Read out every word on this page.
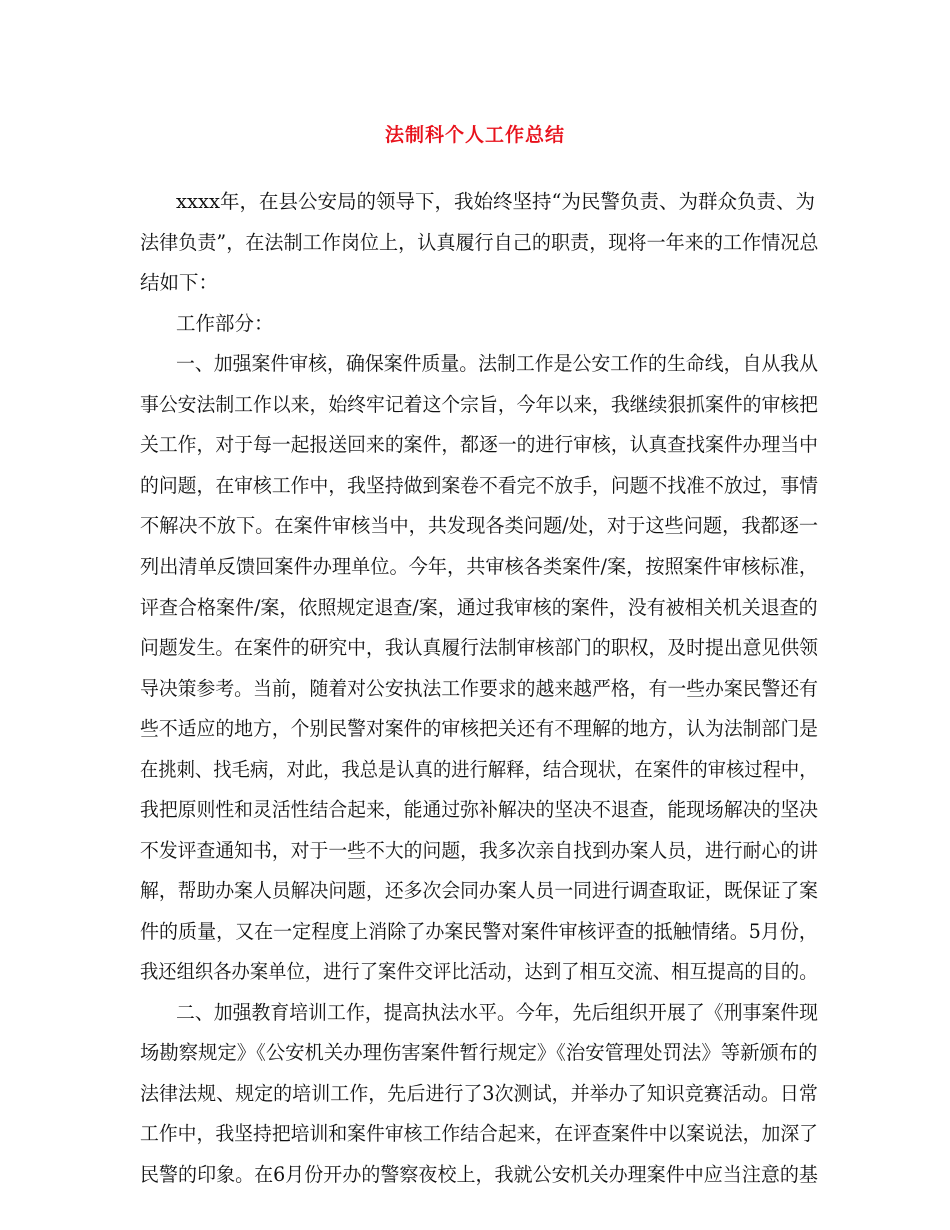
法制科个人工作总结
xxxx年，在县公安局的领导下，我始终坚持“为民警负责、为群众负责、为
法律负责”，在法制工作岗位上，认真履行自己的职责，现将一年来的工作情况总
结如下：
工作部分：
一、加强案件审核，确保案件质量。法制工作是公安工作的生命线，自从我从
事公安法制工作以来，始终牢记着这个宗旨，今年以来，我继续狠抓案件的审核把
关工作，对于每一起报送回来的案件，都逐一的进行审核，认真查找案件办理当中
的问题，在审核工作中，我坚持做到案卷不看完不放手，问题不找准不放过，事情
不解决不放下。在案件审核当中，共发现各类问题/处，对于这些问题，我都逐一
列出清单反馈回案件办理单位。今年，共审核各类案件/案，按照案件审核标准，
评查合格案件/案，依照规定退查/案，通过我审核的案件，没有被相关机关退查的
问题发生。在案件的研究中，我认真履行法制审核部门的职权，及时提出意见供领
导决策参考。当前，随着对公安执法工作要求的越来越严格，有一些办案民警还有
些不适应的地方，个别民警对案件的审核把关还有不理解的地方，认为法制部门是
在挑刺、找毛病，对此，我总是认真的进行解释，结合现状，在案件的审核过程中，
我把原则性和灵活性结合起来，能通过弥补解决的坚决不退查，能现场解决的坚决
不发评查通知书，对于一些不大的问题，我多次亲自找到办案人员，进行耐心的讲
解，帮助办案人员解决问题，还多次会同办案人员一同进行调查取证，既保证了案
件的质量，又在一定程度上消除了办案民警对案件审核评查的抵触情绪。5月份，
我还组织各办案单位，进行了案件交评比活动，达到了相互交流、相互提高的目的。
二、加强教育培训工作，提高执法水平。今年，先后组织开展了《刑事案件现
场勘察规定》《公安机关办理伤害案件暂行规定》《治安管理处罚法》等新颁布的
法律法规、规定的培训工作，先后进行了3次测试，并举办了知识竞赛活动。日常
工作中，我坚持把培训和案件审核工作结合起来，在评查案件中以案说法，加深了
民警的印象。在6月份开办的警察夜校上，我就公安机关办理案件中应当注意的基
